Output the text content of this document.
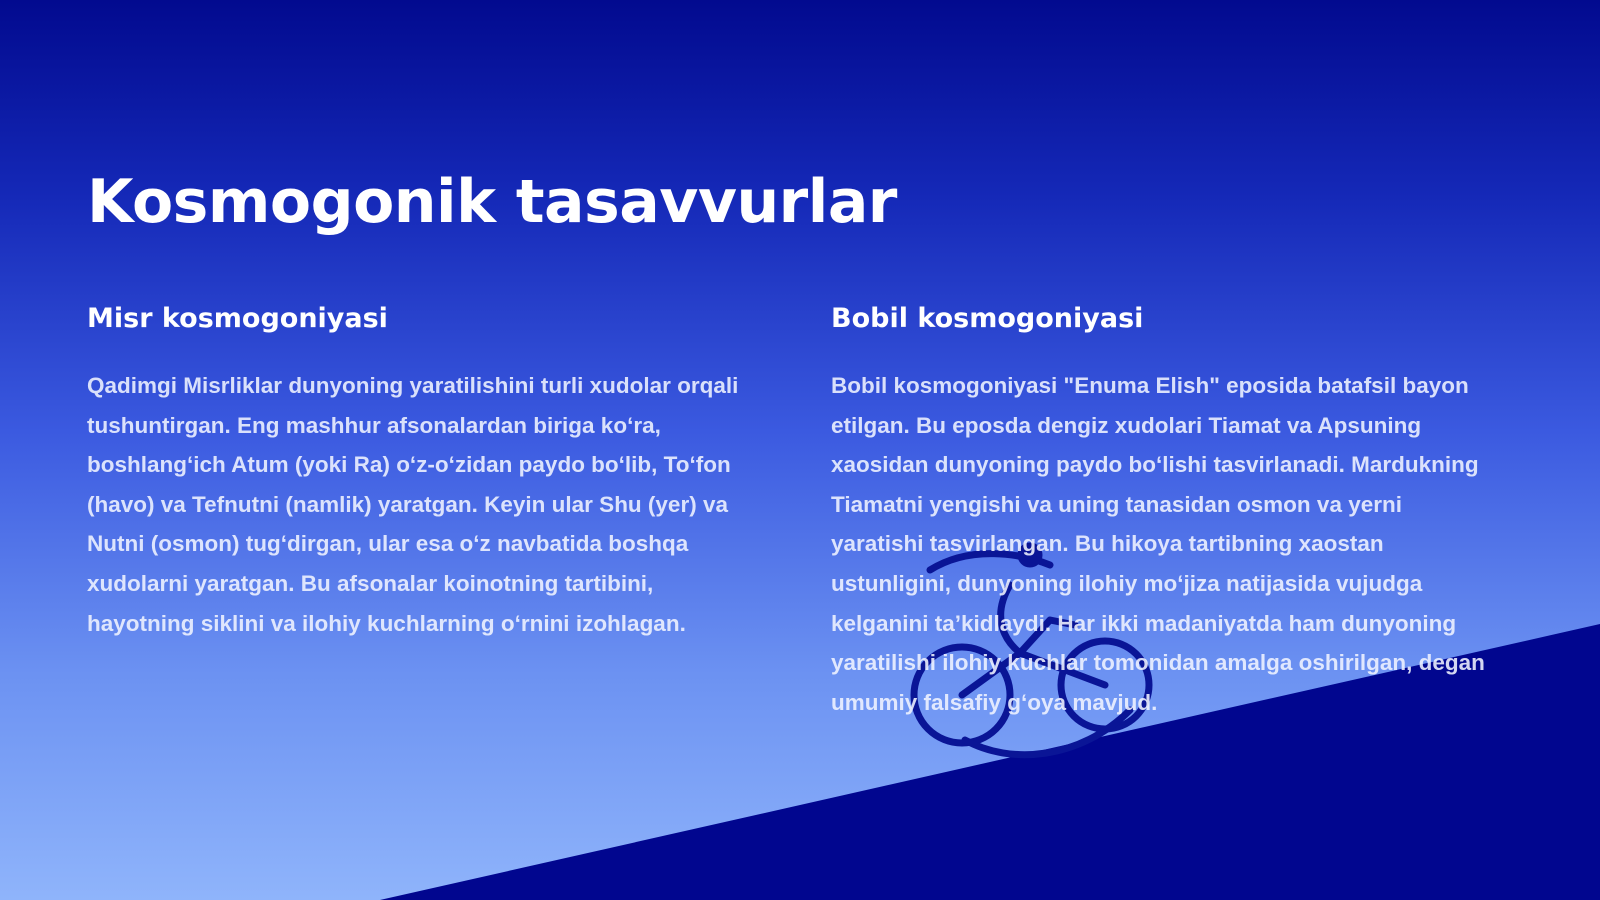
Kosmogonik tasavvurlar
Misr kosmogoniyasi

Qadimgi Misrliklar dunyoning yaratilishini turli xudolar orqali tushuntirgan. Eng mashhur afsonalardan biriga ko‘ra, boshlang‘ich Atum (yoki Ra) o‘z-o‘zidan paydo bo‘lib, To‘fon (havo) va Tefnutni (namlik) yaratgan. Keyin ular Shu (yer) va Nutni (osmon) tug‘dirgan, ular esa o‘z navbatida boshqa xudolarni yaratgan. Bu afsonalar koinotning tartibini, hayotning siklini va ilohiy kuchlarning o‘rnini izohlagan.

Bobil kosmogoniyasi

Bobil kosmogoniyasi "Enuma Elish" eposida batafsil bayon etilgan. Bu eposda dengiz xudolari Tiamat va Apsuning xaosidan dunyoning paydo bo‘lishi tasvirlanadi. Mardukning Tiamatni yengishi va uning tanasidan osmon va yerni yaratishi tasvirlangan. Bu hikoya tartibning xaostan ustunligini, dunyoning ilohiy mo‘jiza natijasida vujudga kelganini ta’kidlaydi. Har ikki madaniyatda ham dunyoning yaratilishi ilohiy kuchlar tomonidan amalga oshirilgan, degan umumiy falsafiy g‘oya mavjud.
